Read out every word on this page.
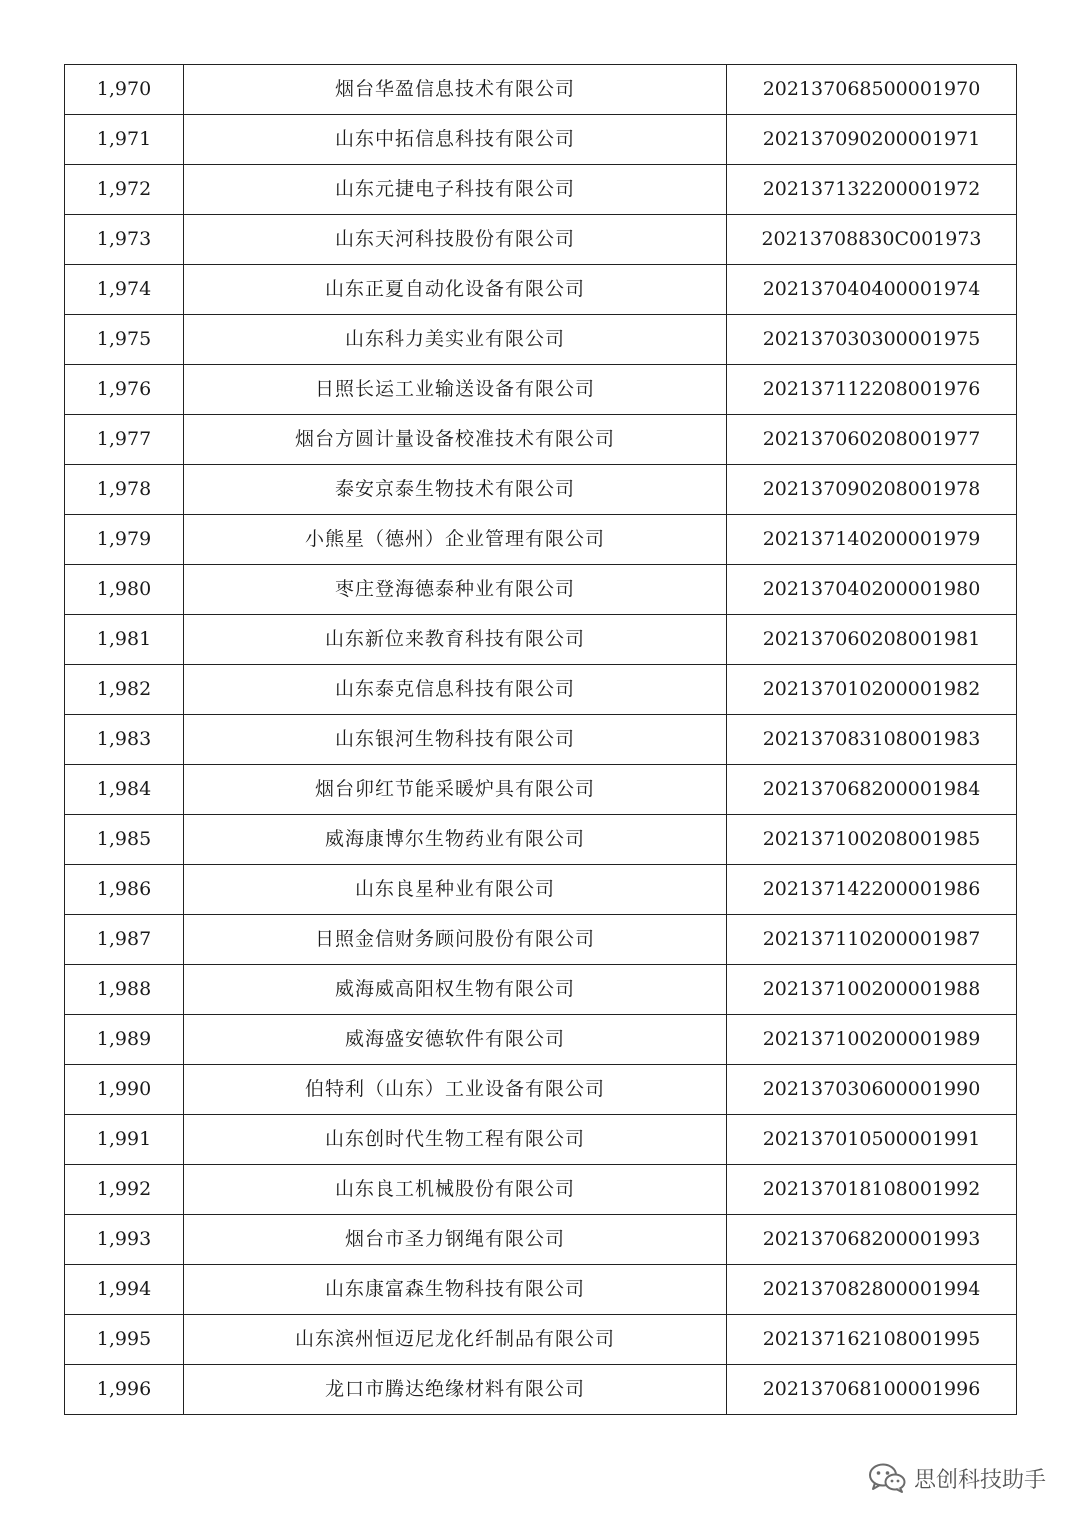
1,970	烟台华盈信息技术有限公司	202137068500001970
1,971	山东中拓信息科技有限公司	202137090200001971
1,972	山东元捷电子科技有限公司	202137132200001972
1,973	山东天河科技股份有限公司	20213708830C001973
1,974	山东正夏自动化设备有限公司	202137040400001974
1,975	山东科力美实业有限公司	202137030300001975
1,976	日照长运工业输送设备有限公司	202137112208001976
1,977	烟台方圆计量设备校准技术有限公司	202137060208001977
1,978	泰安京泰生物技术有限公司	202137090208001978
1,979	小熊星（德州）企业管理有限公司	202137140200001979
1,980	枣庄登海德泰种业有限公司	202137040200001980
1,981	山东新位来教育科技有限公司	202137060208001981
1,982	山东泰克信息科技有限公司	202137010200001982
1,983	山东银河生物科技有限公司	202137083108001983
1,984	烟台卯红节能采暖炉具有限公司	202137068200001984
1,985	威海康博尔生物药业有限公司	202137100208001985
1,986	山东良星种业有限公司	202137142200001986
1,987	日照金信财务顾问股份有限公司	202137110200001987
1,988	威海威高阳权生物有限公司	202137100200001988
1,989	威海盛安德软件有限公司	202137100200001989
1,990	伯特利（山东）工业设备有限公司	202137030600001990
1,991	山东创时代生物工程有限公司	202137010500001991
1,992	山东良工机械股份有限公司	202137018108001992
1,993	烟台市圣力钢绳有限公司	202137068200001993
1,994	山东康富森生物科技有限公司	202137082800001994
1,995	山东滨州恒迈尼龙化纤制品有限公司	202137162108001995
1,996	龙口市腾达绝缘材料有限公司	202137068100001996
思创科技助手
